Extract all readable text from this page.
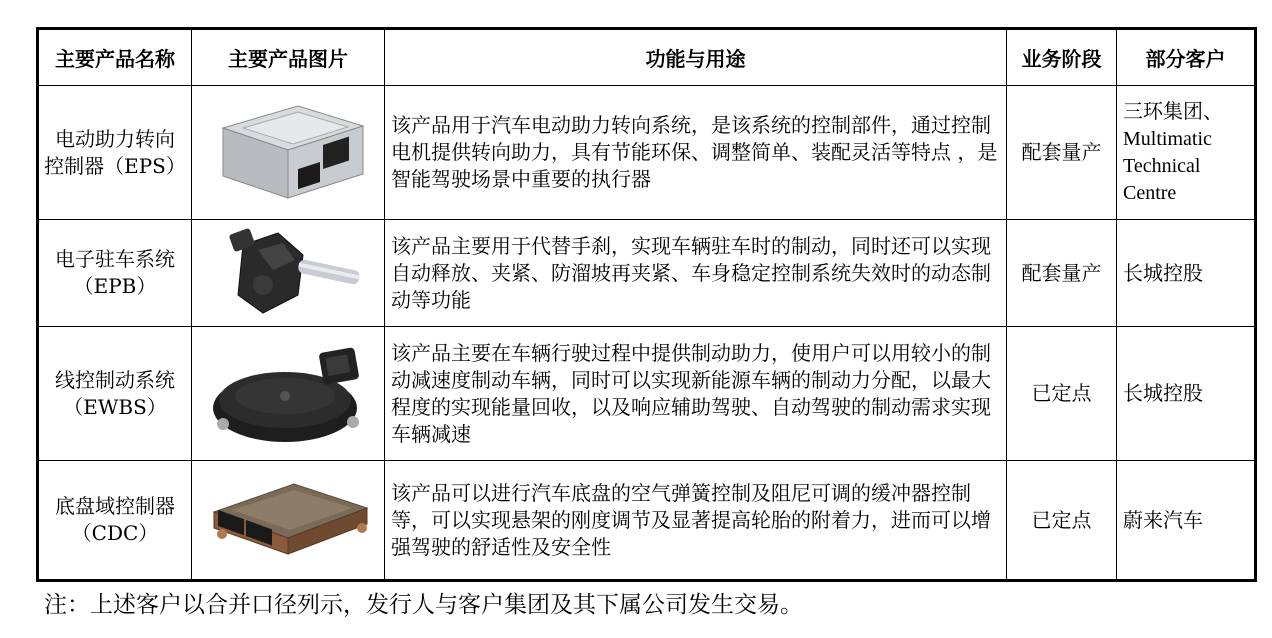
主要产品名称	主要产品图片	功能与用途	业务阶段	部分客户

电动助力转向
控制器（EPS）		该产品用于汽车电动助力转向系统，是该系统的控制部件，通过控制电机提供转向助力，具有节能环保、调整简单、装配灵活等特点 ，是智能驾驶场景中重要的执行器	配套量产	三环集团、Multimatic Technical Centre

电子驻车系统
（EPB）		该产品主要用于代替手刹，实现车辆驻车时的制动，同时还可以实现自动释放、夹紧、防溜坡再夹紧、车身稳定控制系统失效时的动态制动等功能	配套量产	长城控股

线控制动系统
（EWBS）		该产品主要在车辆行驶过程中提供制动助力，使用户可以用较小的制动减速度制动车辆，同时可以实现新能源车辆的制动力分配，以最大程度的实现能量回收，以及响应辅助驾驶、自动驾驶的制动需求实现车辆减速	已定点	长城控股

底盘域控制器
（CDC）		该产品可以进行汽车底盘的空气弹簧控制及阻尼可调的缓冲器控制等，可以实现悬架的刚度调节及显著提高轮胎的附着力，进而可以增强驾驶的舒适性及安全性	已定点	蔚来汽车
注：上述客户以合并口径列示，发行人与客户集团及其下属公司发生交易。
